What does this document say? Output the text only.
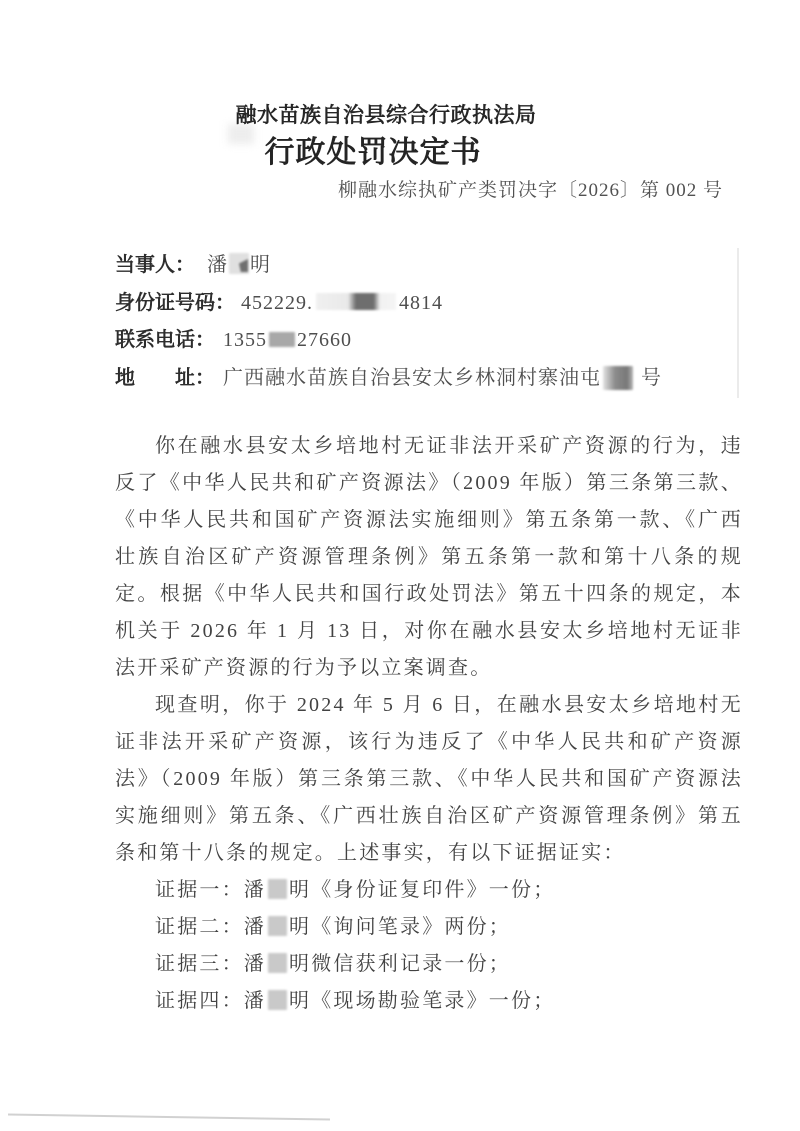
融水苗族自治县综合行政执法局
行政处罚决定书
柳融水综执矿产类罚决字〔2026〕第 002 号
当事人： 潘 明
身份证号码： 452229.	4814
联系电话： 1355 27660
地　　址： 广西融水苗族自治县安太乡林洞村寨油屯 号

你在融水县安太乡培地村无证非法开采矿产资源的行为，违反了《中华人民共和矿产资源法》（2009 年版）第三条第三款、《中华人民共和国矿产资源法实施细则》第五条第一款、《广西壮族自治区矿产资源管理条例》第五条第一款和第十八条的规定。根据《中华人民共和国行政处罚法》第五十四条的规定，本机关于 2026 年 1 月 13 日，对你在融水县安太乡培地村无证非法开采矿产资源的行为予以立案调查。

现查明，你于 2024 年 5 月 6 日，在融水县安太乡培地村无证非法开采矿产资源，该行为违反了《中华人民共和矿产资源法》（2009 年版）第三条第三款、《中华人民共和国矿产资源法实施细则》第五条、《广西壮族自治区矿产资源管理条例》第五条和第十八条的规定。上述事实，有以下证据证实：

证据一：潘 明《身份证复印件》一份；

证据二：潘 明《询问笔录》两份；

证据三：潘 明微信获利记录一份；

证据四：潘 明《现场勘验笔录》一份；
